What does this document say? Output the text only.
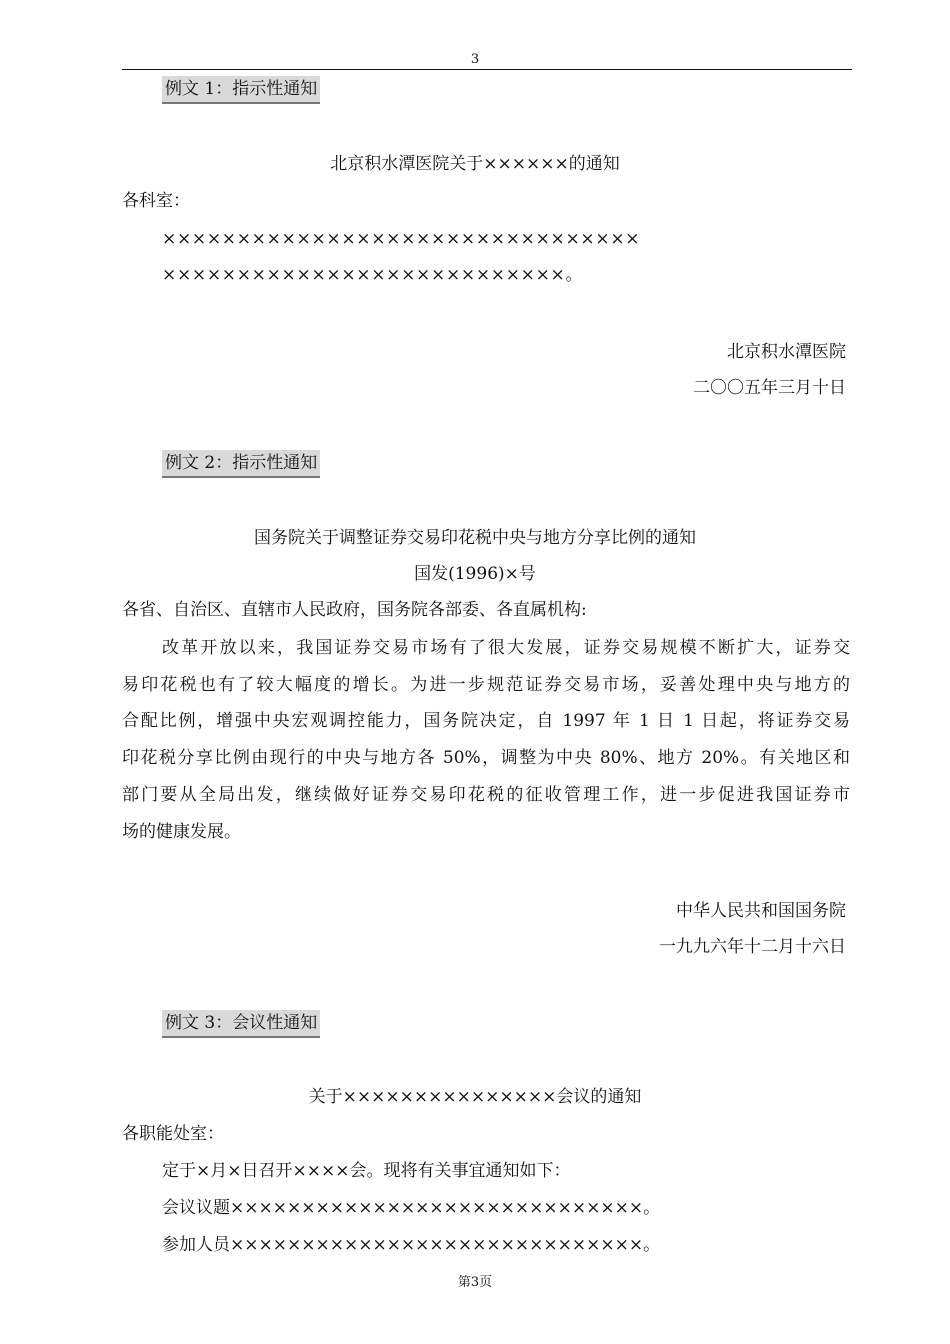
3
例文 1：指示性通知
北京积水潭医院关于××××××的通知
各科室：
××××××××××××××××××××××××××××××××
×××××××××××××××××××××××××××。
北京积水潭医院
二〇〇五年三月十日
例文 2：指示性通知
国务院关于调整证券交易印花税中央与地方分享比例的通知
国发(1996)×号
各省、自治区、直辖市人民政府，国务院各部委、各直属机构:
改革开放以来，我国证券交易市场有了很大发展，证券交易规模不断扩大，证券交
易印花税也有了较大幅度的增长。为进一步规范证券交易市场，妥善处理中央与地方的
合配比例，增强中央宏观调控能力，国务院决定，自 1997 年 1 日 1 日起，将证券交易
印花税分享比例由现行的中央与地方各 50%，调整为中央 80%、地方 20%。有关地区和
部门要从全局出发，继续做好证券交易印花税的征收管理工作，进一步促进我国证券市
场的健康发展。
中华人民共和国国务院
一九九六年十二月十六日
例文 3：会议性通知
关于×××××××××××××××会议的通知
各职能处室：
定于×月×日召开××××会。现将有关事宜通知如下：
会议议题×××××××××××××××××××××××××××××。
参加人员×××××××××××××××××××××××××××××。
第3页
